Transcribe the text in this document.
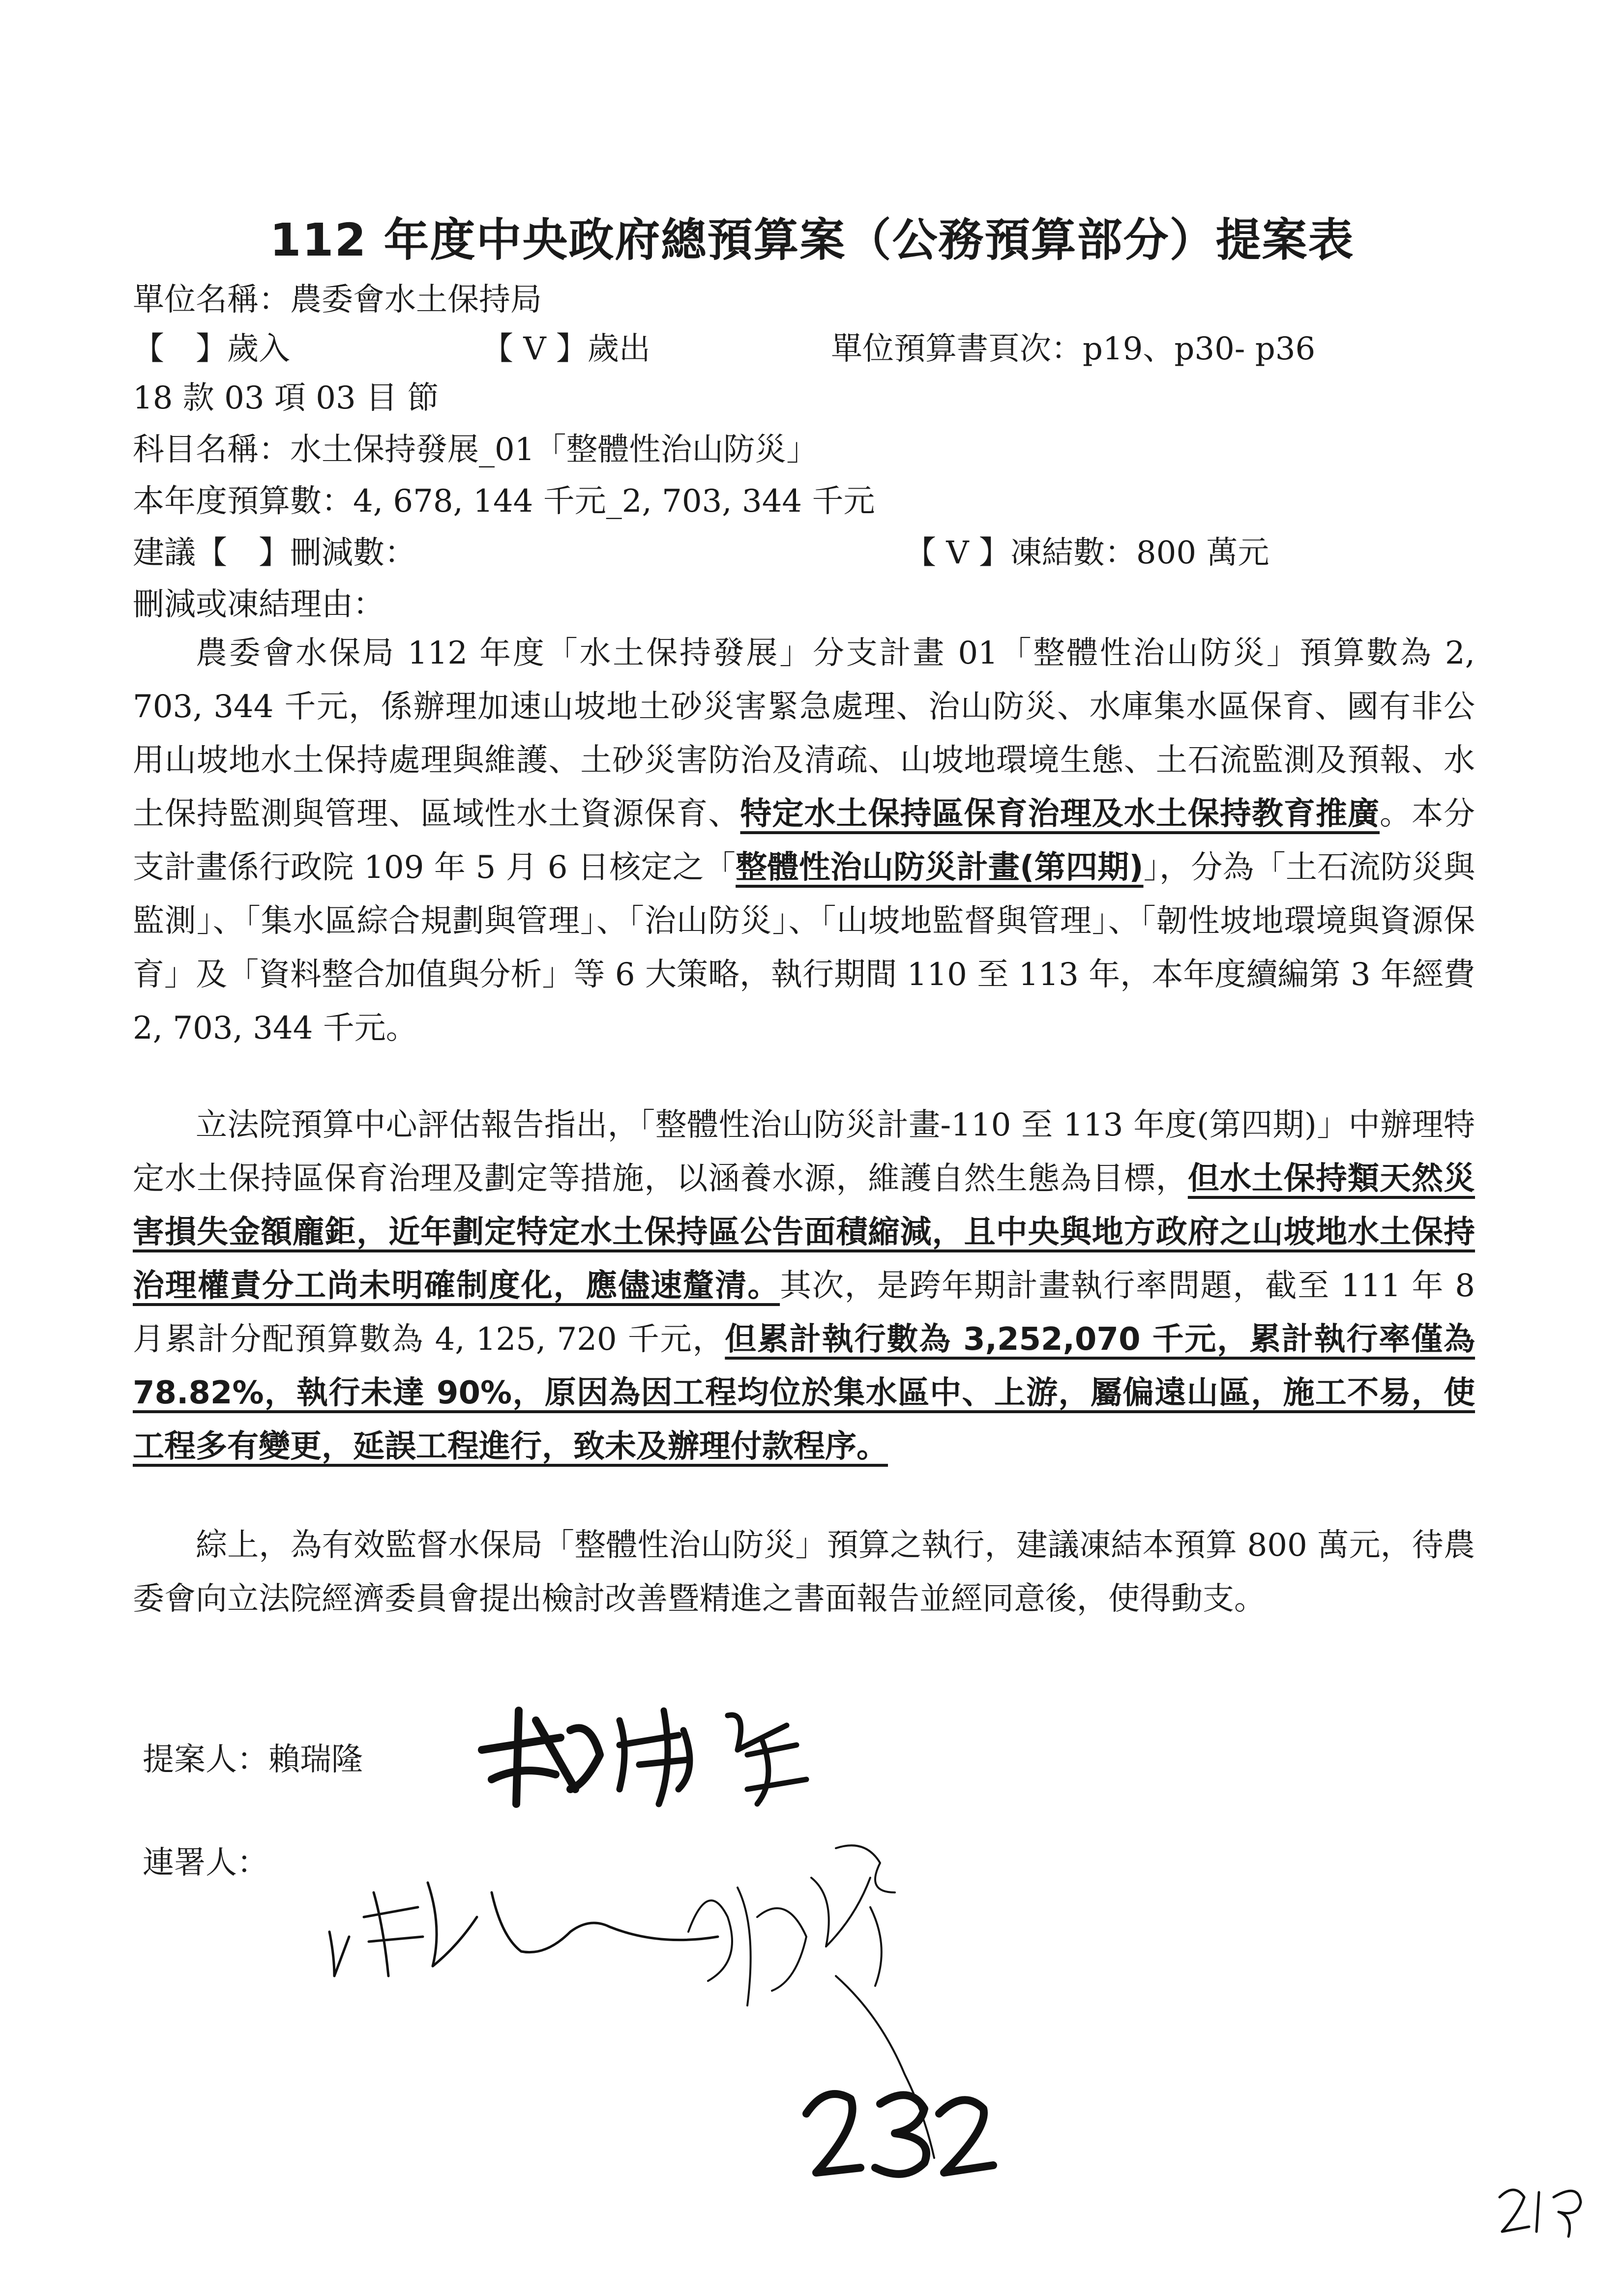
112 年度中央政府總預算案（公務預算部分）提案表
單位名稱：農委會水土保持局
【　】歲入	【 V 】歲出	單位預算書頁次：p19、p30- p36
18 款 03 項 03 目 節
科目名稱：水土保持發展_01「整體性治山防災」
本年度預算數：4, 678, 144 千元_2, 703, 344 千元
建議【　】刪減數：	【 V 】凍結數：800 萬元
刪減或凍結理由：
農委會水保局 112 年度「水土保持發展」分支計畫 01「整體性治山防災」預算數為 2, 703, 344 千元，係辦理加速山坡地土砂災害緊急處理、治山防災、水庫集水區保育、國有非公用山坡地水土保持處理與維護、土砂災害防治及清疏、山坡地環境生態、土石流監測及預報、水土保持監測與管理、區域性水土資源保育、特定水土保持區保育治理及水土保持教育推廣。本分支計畫係行政院 109 年 5 月 6 日核定之「整體性治山防災計畫(第四期)」，分為「土石流防災與監測」、「集水區綜合規劃與管理」、「治山防災」、「山坡地監督與管理」、「韌性坡地環境與資源保育」及「資料整合加值與分析」等 6 大策略，執行期間 110 至 113 年，本年度續編第 3 年經費 2, 703, 344 千元。
立法院預算中心評估報告指出，「整體性治山防災計畫-110 至 113 年度(第四期)」中辦理特定水土保持區保育治理及劃定等措施，以涵養水源，維護自然生態為目標，但水土保持類天然災害損失金額龐鉅，近年劃定特定水土保持區公告面積縮減，且中央與地方政府之山坡地水土保持治理權責分工尚未明確制度化，應儘速釐清。其次，是跨年期計畫執行率問題，截至 111 年 8 月累計分配預算數為 4, 125, 720 千元，但累計執行數為 3,252,070 千元，累計執行率僅為 78.82%，執行未達 90%，原因為因工程均位於集水區中、上游，屬偏遠山區，施工不易，使工程多有變更，延誤工程進行，致未及辦理付款程序。
綜上，為有效監督水保局「整體性治山防災」預算之執行，建議凍結本預算 800 萬元，待農委會向立法院經濟委員會提出檢討改善暨精進之書面報告並經同意後，使得動支。
提案人：賴瑞隆
連署人：
